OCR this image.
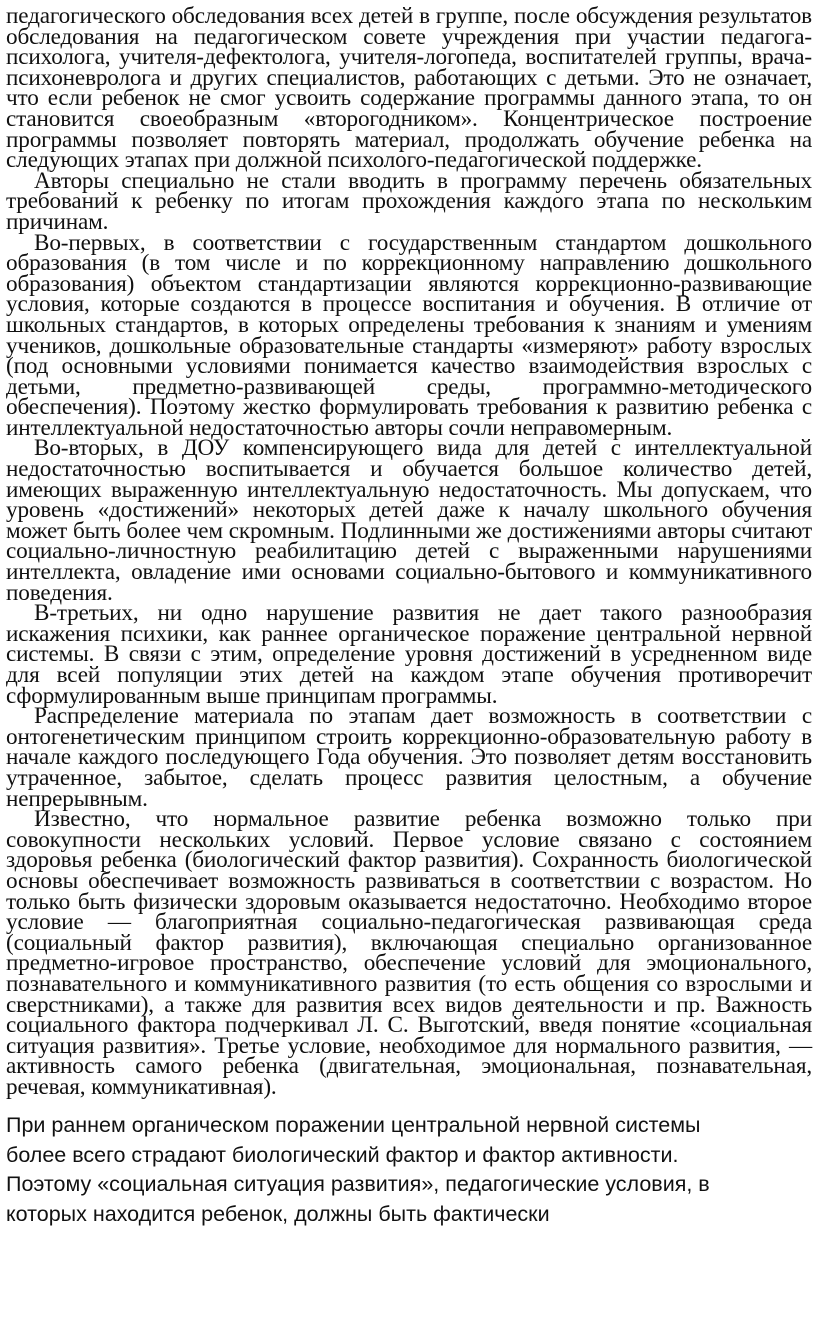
педагогического обследования всех детей в группе, после обсуждения результатов обследования на педагогическом совете учреждения при участии педагога-психолога, учителя-дефектолога, учителя-логопеда, воспитателей группы, врача-психоневролога и других специалистов, работающих с детьми. Это не означает, что если ребенок не смог усвоить содержание программы данного этапа, то он становится своеобразным «второгодником». Концентрическое построение программы позволяет повторять материал, продолжать обучение ребенка на следующих этапах при должной психолого-педагогической поддержке.

Авторы специально не стали вводить в программу перечень обязательных требований к ребенку по итогам прохождения каждого этапа по нескольким причинам.

Во-первых, в соответствии с государственным стандартом дошкольного образования (в том числе и по коррекционному направлению дошкольного образования) объектом стандартизации являются коррекционно-развивающие условия, которые создаются в процессе воспитания и обучения. В отличие от школьных стандартов, в которых определены требования к знаниям и умениям учеников, дошкольные образовательные стандарты «измеряют» работу взрослых (под основными условиями понимается качество взаимодействия взрослых с детьми, предметно-развивающей среды, программно-методического обеспечения). Поэтому жестко формулировать требования к развитию ребенка с интеллектуальной недостаточностью авторы сочли неправомерным.

Во-вторых, в ДОУ компенсирующего вида для детей с интеллектуальной недостаточностью воспитывается и обучается большое количество детей, имеющих выраженную интеллектуальную недостаточность. Мы допускаем, что уровень «достижений» некоторых детей даже к началу школьного обучения может быть более чем скромным. Подлинными же достижениями авторы считают социально-личностную реабилитацию детей с выраженными нарушениями интеллекта, овладение ими основами социально-бытового и коммуникативного поведения.

В-третьих, ни одно нарушение развития не дает такого разнообразия искажения психики, как раннее органическое поражение центральной нервной системы. В связи с этим, определение уровня достижений в усредненном виде для всей популяции этих детей на каждом этапе обучения противоречит сформулированным выше принципам программы.

Распределение материала по этапам дает возможность в соответствии с онтогенетическим принципом строить коррекционно-образовательную работу в начале каждого последующего Года обучения. Это позволяет детям восстановить утраченное, забытое, сделать процесс развития целостным, а обучение непрерывным.

Известно, что нормальное развитие ребенка возможно только при совокупности нескольких условий. Первое условие связано с состоянием здоровья ребенка (биологический фактор развития). Сохранность биологической основы обеспечивает возможность развиваться в соответствии с возрастом. Но только быть физически здоровым оказывается недостаточно. Необходимо второе условие — благоприятная социально-педагогическая развивающая среда (социальный фактор развития), включающая специально организованное предметно-игровое пространство, обеспечение условий для эмоционального, познавательного и коммуникативного развития (то есть общения со взрослыми и сверстниками), а также для развития всех видов деятельности и пр. Важность социального фактора подчеркивал Л. С. Выготский, введя понятие «социальная ситуация развития». Третье условие, необходимое для нормального развития, — активность самого ребенка (двигательная, эмоциональная, познавательная, речевая, коммуникативная).

При раннем органическом поражении центральной нервной системы

более всего страдают биологический фактор и фактор активности.

Поэтому «социальная ситуация развития», педагогические условия, в

которых находится ребенок, должны быть фактически
